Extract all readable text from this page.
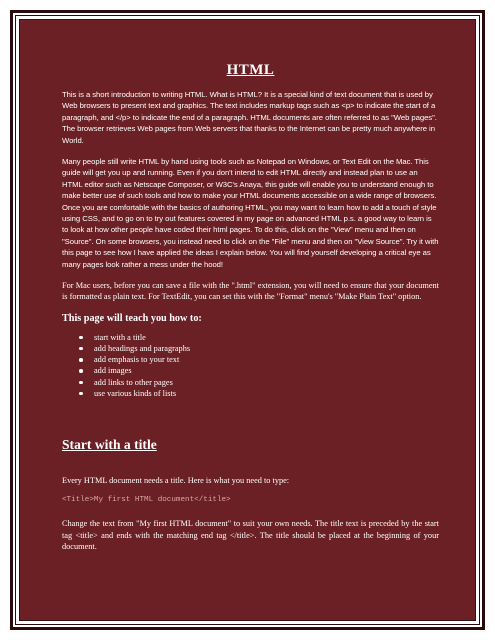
HTML

This is a short introduction to writing HTML. What is HTML? It is a special kind of text document that is used by Web browsers to present text and graphics. The text includes markup tags such as <p> to indicate the start of a paragraph, and </p> to indicate the end of a paragraph. HTML documents are often referred to as "Web pages". The browser retrieves Web pages from Web servers that thanks to the Internet can be pretty much anywhere in World.

Many people still write HTML by hand using tools such as Notepad on Windows, or Text Edit on the Mac. This guide will get you up and running. Even if you don't intend to edit HTML directly and instead plan to use an HTML editor such as Netscape Composer, or W3C's Anaya, this guide will enable you to understand enough to make better use of such tools and how to make your HTML documents accessible on a wide range of browsers. Once you are comfortable with the basics of authoring HTML, you may want to learn how to add a touch of style using CSS, and to go on to try out features covered in my page on advanced HTML p.s. a good way to learn is to look at how other people have coded their html pages. To do this, click on the "View" menu and then on "Source". On some browsers, you instead need to click on the "File" menu and then on "View Source". Try it with this page to see how I have applied the ideas I explain below. You will find yourself developing a critical eye as many pages look rather a mess under the hood!

For Mac users, before you can save a file with the ".html" extension, you will need to ensure that your document is formatted as plain text. For TextEdit, you can set this with the "Format" menu's "Make Plain Text" option.

This page will teach you how to:
start with a title
add headings and paragraphs
add emphasis to your text
add images
add links to other pages
use various kinds of lists
Start with a title

Every HTML document needs a title. Here is what you need to type:

<Title>My first HTML document</title>

Change the text from "My first HTML document" to suit your own needs. The title text is preceded by the start tag <title> and ends with the matching end tag </title>. The title should be placed at the beginning of your document.
